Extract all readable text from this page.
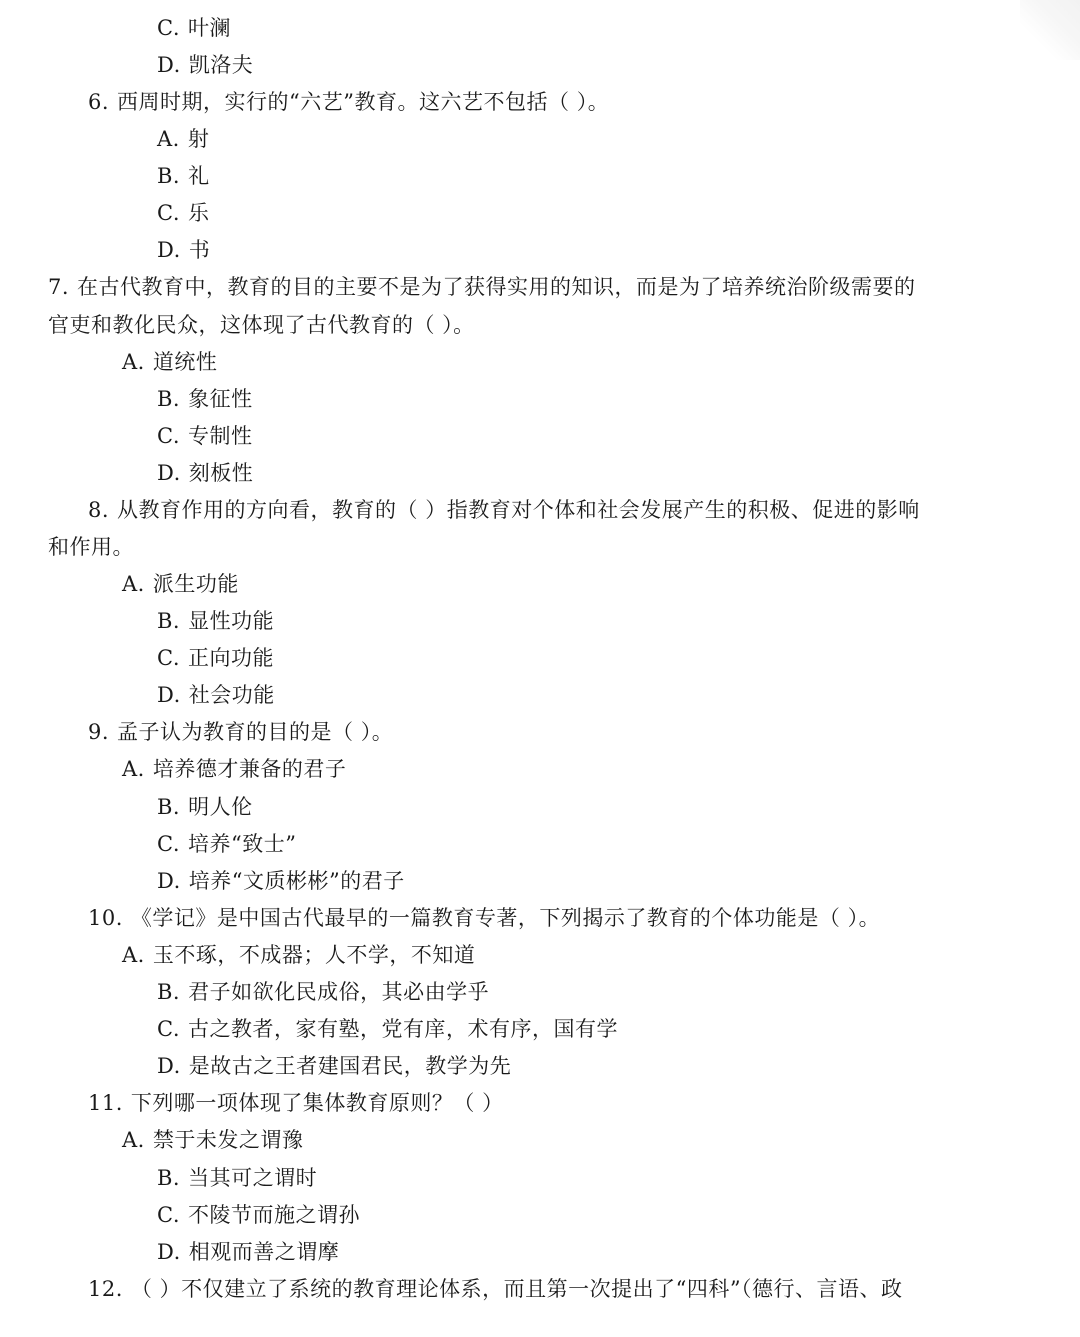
C. 叶澜
D. 凯洛夫
6. 西周时期，实行的“六艺”教育。这六艺不包括（ ）。
A. 射
B. 礼
C. 乐
D. 书
7. 在古代教育中，教育的目的主要不是为了获得实用的知识，而是为了培养统治阶级需要的
官吏和教化民众，这体现了古代教育的（ ）。
A. 道统性
B. 象征性
C. 专制性
D. 刻板性
8. 从教育作用的方向看，教育的（ ）指教育对个体和社会发展产生的积极、促进的影响
和作用。
A. 派生功能
B. 显性功能
C. 正向功能
D. 社会功能
9. 孟子认为教育的目的是（ ）。
A. 培养德才兼备的君子
B. 明人伦
C. 培养“致士”
D. 培养“文质彬彬”的君子
10. 《学记》是中国古代最早的一篇教育专著，下列揭示了教育的个体功能是（ ）。
A. 玉不琢，不成器；人不学，不知道
B. 君子如欲化民成俗，其必由学乎
C. 古之教者，家有塾，党有庠，术有序，国有学
D. 是故古之王者建国君民，教学为先
11. 下列哪一项体现了集体教育原则？（ ）
A. 禁于未发之谓豫
B. 当其可之谓时
C. 不陵节而施之谓孙
D. 相观而善之谓摩
12. （ ）不仅建立了系统的教育理论体系，而且第一次提出了“四科”（德行、言语、政
